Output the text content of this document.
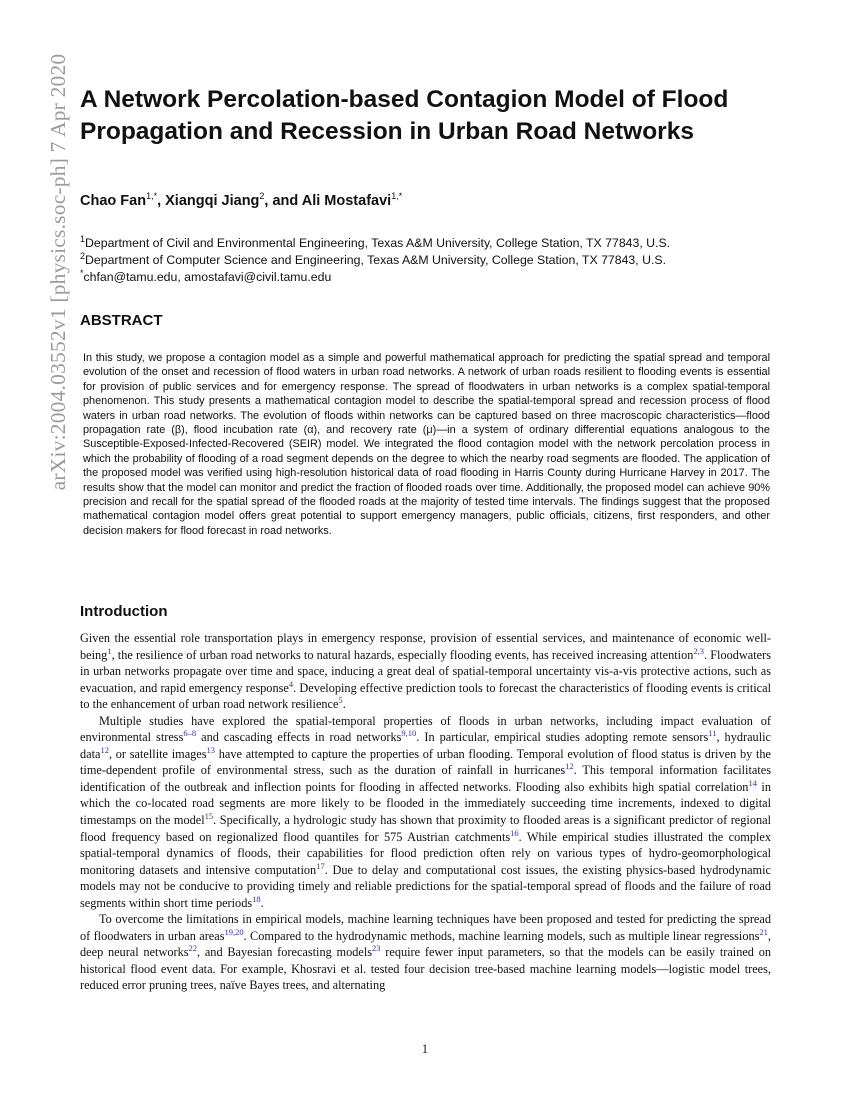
arXiv:2004.03552v1 [physics.soc-ph] 7 Apr 2020 A Network Percolation-based Contagion Model of Flood Propagation and Recession in Urban Road Networks

Chao Fan$^{1,*}$, Xiangqi Jiang$^2$, and Ali Mostafavi$^{1,*}$

$^1$Department of Civil and Environmental Engineering, Texas A&M University, College Station, TX 77843, U.S.
$^2$Department of Computer Science and Engineering, Texas A&M University, College Station, TX 77843, U.S.
*chfan@tamu.edu, amostafavi@civil.tamu.edu
ABSTRACT

In this study, we propose a contagion model as a simple and powerful mathematical approach for predicting the spatial spread and temporal evolution of the onset and recession of flood waters in urban road networks. A network of urban roads resilient to flooding events is essential for provision of public services and for emergency response. The spread of floodwaters in urban networks is a complex spatial-temporal phenomenon. This study presents a mathematical contagion model to describe the spatial-temporal spread and recession process of flood waters in urban road networks. The evolution of floods within networks can be captured based on three macroscopic characteristics—flood propagation rate (β), flood incubation rate (α), and recovery rate (μ)—in a system of ordinary differential equations analogous to the Susceptible-Exposed-Infected-Recovered (SEIR) model. We integrated the flood contagion model with the network percolation process in which the probability of flooding of a road segment depends on the degree to which the nearby road segments are flooded. The application of the proposed model was verified using high-resolution historical data of road flooding in Harris County during Hurricane Harvey in 2017. The results show that the model can monitor and predict the fraction of flooded roads over time. Additionally, the proposed model can achieve 90% precision and recall for the spatial spread of the flooded roads at the majority of tested time intervals. The findings suggest that the proposed mathematical contagion model offers great potential to support emergency managers, public officials, citizens, first responders, and other decision makers for flood forecast in road networks.

Introduction

Given the essential role transportation plays in emergency response, provision of essential services, and maintenance of economic well-being$^1$, the resilience of urban road networks to natural hazards, especially flooding events, has received increasing attention$^{2,3}$. Floodwaters in urban networks propagate over time and space, inducing a great deal of spatial-temporal uncertainty vis-a-vis protective actions, such as evacuation, and rapid emergency response$^4$. Developing effective prediction tools to forecast the characteristics of flooding events is critical to the enhancement of urban road network resilience$^5$.

Multiple studies have explored the spatial-temporal properties of floods in urban networks, including impact evaluation of environmental stress$^{6-8}$ and cascading effects in road networks$^{9,10}$. In particular, empirical studies adopting remote sensors$^{11}$, hydraulic data$^{12}$, or satellite images$^{13}$ have attempted to capture the properties of urban flooding. Temporal evolution of flood status is driven by the time-dependent profile of environmental stress, such as the duration of rainfall in hurricanes$^{12}$. This temporal information facilitates identification of the outbreak and inflection points for flooding in affected networks. Flooding also exhibits high spatial correlation$^{14}$ in which the co-located road segments are more likely to be flooded in the immediately succeeding time increments, indexed to digital timestamps on the model$^{15}$. Specifically, a hydrologic study has shown that proximity to flooded areas is a significant predictor of regional flood frequency based on regionalized flood quantiles for 575 Austrian catchments$^{16}$. While empirical studies illustrated the complex spatial-temporal dynamics of floods, their capabilities for flood prediction often rely on various types of hydro-geomorphological monitoring datasets and intensive computation$^{17}$. Due to delay and computational cost issues, the existing physics-based hydrodynamic models may not be conducive to providing timely and reliable predictions for the spatial-temporal spread of floods and the failure of road segments within short time periods$^{18}$.

To overcome the limitations in empirical models, machine learning techniques have been proposed and tested for predicting the spread of floodwaters in urban areas$^{19,20}$. Compared to the hydrodynamic methods, machine learning models, such as multiple linear regressions$^{21}$, deep neural networks$^{22}$, and Bayesian forecasting models$^{23}$ require fewer input parameters, so that the models can be easily trained on historical flood event data. For example, Khosravi et al. tested four decision tree-based machine learning models—logistic model trees, reduced error pruning trees, naïve Bayes trees, and alternating

1
